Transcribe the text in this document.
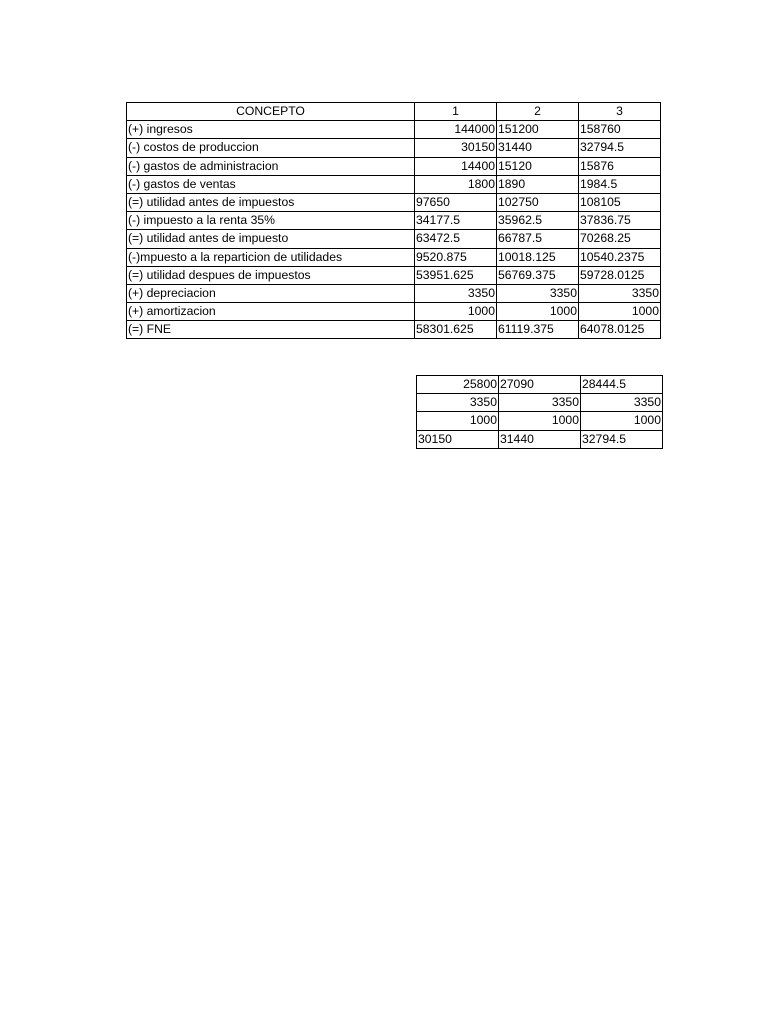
CONCEPTO	1	2	3
(+) ingresos	144000	151200	158760
(-) costos de produccion	30150	31440	32794.5
(-) gastos de administracion	14400	15120	15876
(-) gastos de ventas	1800	1890	1984.5
(=) utilidad antes de impuestos	97650	102750	108105
(-) impuesto a la renta 35%	34177.5	35962.5	37836.75
(=) utilidad antes de impuesto	63472.5	66787.5	70268.25
(-)mpuesto a la reparticion de utilidades	9520.875	10018.125	10540.2375
(=) utilidad despues de impuestos	53951.625	56769.375	59728.0125
(+) depreciacion	3350	3350	3350
(+) amortizacion	1000	1000	1000
(=) FNE	58301.625	61119.375	64078.0125
25800	27090	28444.5
3350	3350	3350
1000	1000	1000
30150	31440	32794.5
